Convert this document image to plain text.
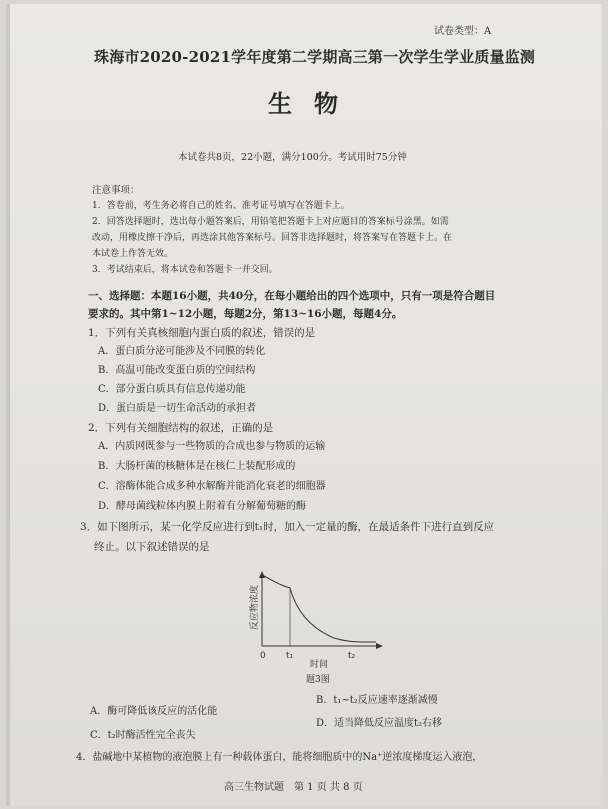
试卷类型：A
珠海市2020-2021学年度第二学期高三第一次学生学业质量监测
生物
本试卷共8页，22小题，满分100分。考试用时75分钟
注意事项：
1．答卷前，考生务必将自己的姓名、准考证号填写在答题卡上。
2．回答选择题时，选出每小题答案后，用铅笔把答题卡上对应题目的答案标号涂黑。如需
改动，用橡皮擦干净后，再选涂其他答案标号。回答非选择题时，将答案写在答题卡上。在
本试卷上作答无效。
3．考试结束后，将本试卷和答题卡一并交回。
一、选择题：本题16小题，共40分，在每小题给出的四个选项中，只有一项是符合题目
要求的。其中第1~12小题，每题2分，第13~16小题，每题4分。
1．下列有关真核细胞内蛋白质的叙述，错误的是
A．蛋白质分泌可能涉及不同膜的转化
B．高温可能改变蛋白质的空间结构
C．部分蛋白质具有信息传递功能
D．蛋白质是一切生命活动的承担者
2．下列有关细胞结构的叙述，正确的是
A．内质网既参与一些物质的合成也参与物质的运输
B．大肠杆菌的核糖体是在核仁上装配形成的
C．溶酶体能合成多种水解酶并能消化衰老的细胞器
D．酵母菌线粒体内膜上附着有分解葡萄糖的酶
3．如下图所示，某一化学反应进行到t₁时，加入一定量的酶，在最适条件下进行直到反应
终止。以下叙述错误的是
反应物浓度
0 t₁	t₂
时间
题3图
A．酶可降低该反应的活化能
B．t₁~t₂反应速率逐渐减慢
C．t₂时酶活性完全丧失
D．适当降低反应温度t₂右移
4．盐碱地中某植物的液泡膜上有一种载体蛋白，能将细胞质中的Na⁺逆浓度梯度运入液泡，
高三生物试题　第 1 页 共 8 页
